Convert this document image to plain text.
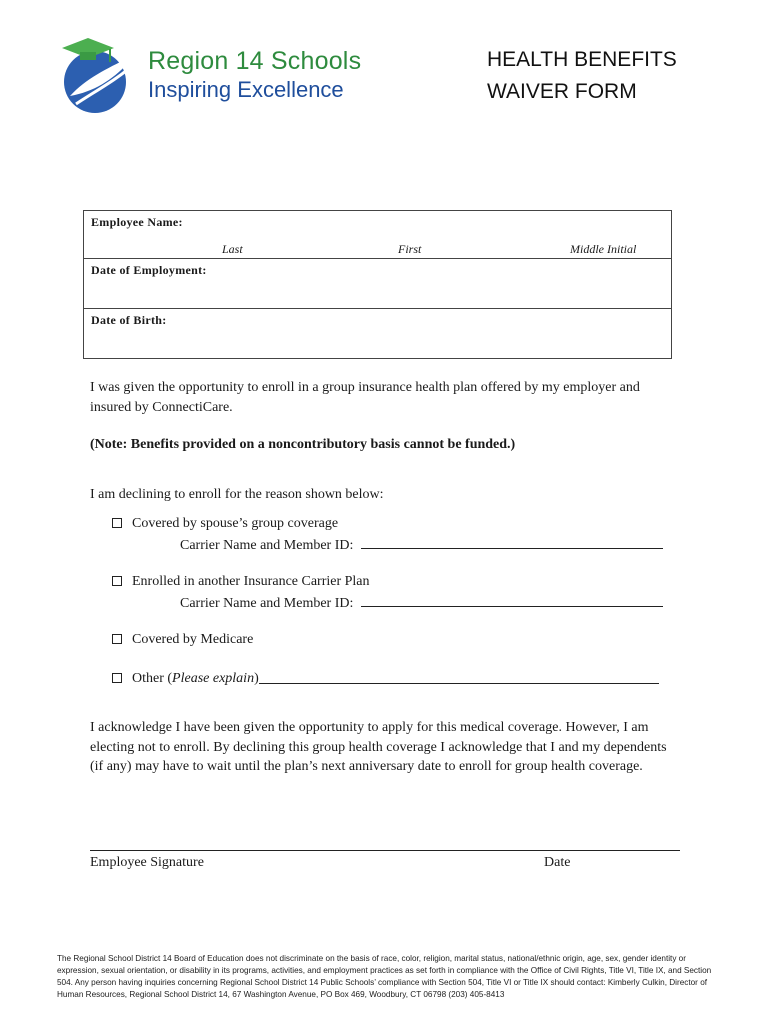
Region 14 Schools
Inspiring Excellence
HEALTH BENEFITS
WAIVER FORM
Employee Name:
Last	First	Middle Initial
Date of Employment:
Date of Birth:

I was given the opportunity to enroll in a group insurance health plan offered by my employer and insured by ConnectiCare.

(Note: Benefits provided on a noncontributory basis cannot be funded.)

I am declining to enroll for the reason shown below:

Covered by spouse’s group coverage
Carrier Name and Member ID:
Enrolled in another Insurance Carrier Plan
Carrier Name and Member ID:
Covered by Medicare
Other ( Please explain )

I acknowledge I have been given the opportunity to apply for this medical coverage. However, I am electing not to enroll. By declining this group health coverage I acknowledge that I and my dependents (if any) may have to wait until the plan’s next anniversary date to enroll for group health coverage.

Employee Signature	Date

The Regional School District 14 Board of Education does not discriminate on the basis of race, color, religion, marital status, national/ethnic origin, age, sex, gender identity or expression, sexual orientation, or disability in its programs, activities, and employment practices as set forth in compliance with the Office of Civil Rights, Title VI, Title IX, and Section 504. Any person having inquiries concerning Regional School District 14 Public Schools’ compliance with Section 504, Title VI or Title IX should contact: Kimberly Culkin, Director of Human Resources, Regional School District 14, 67 Washington Avenue, PO Box 469, Woodbury, CT 06798 (203) 405-8413
